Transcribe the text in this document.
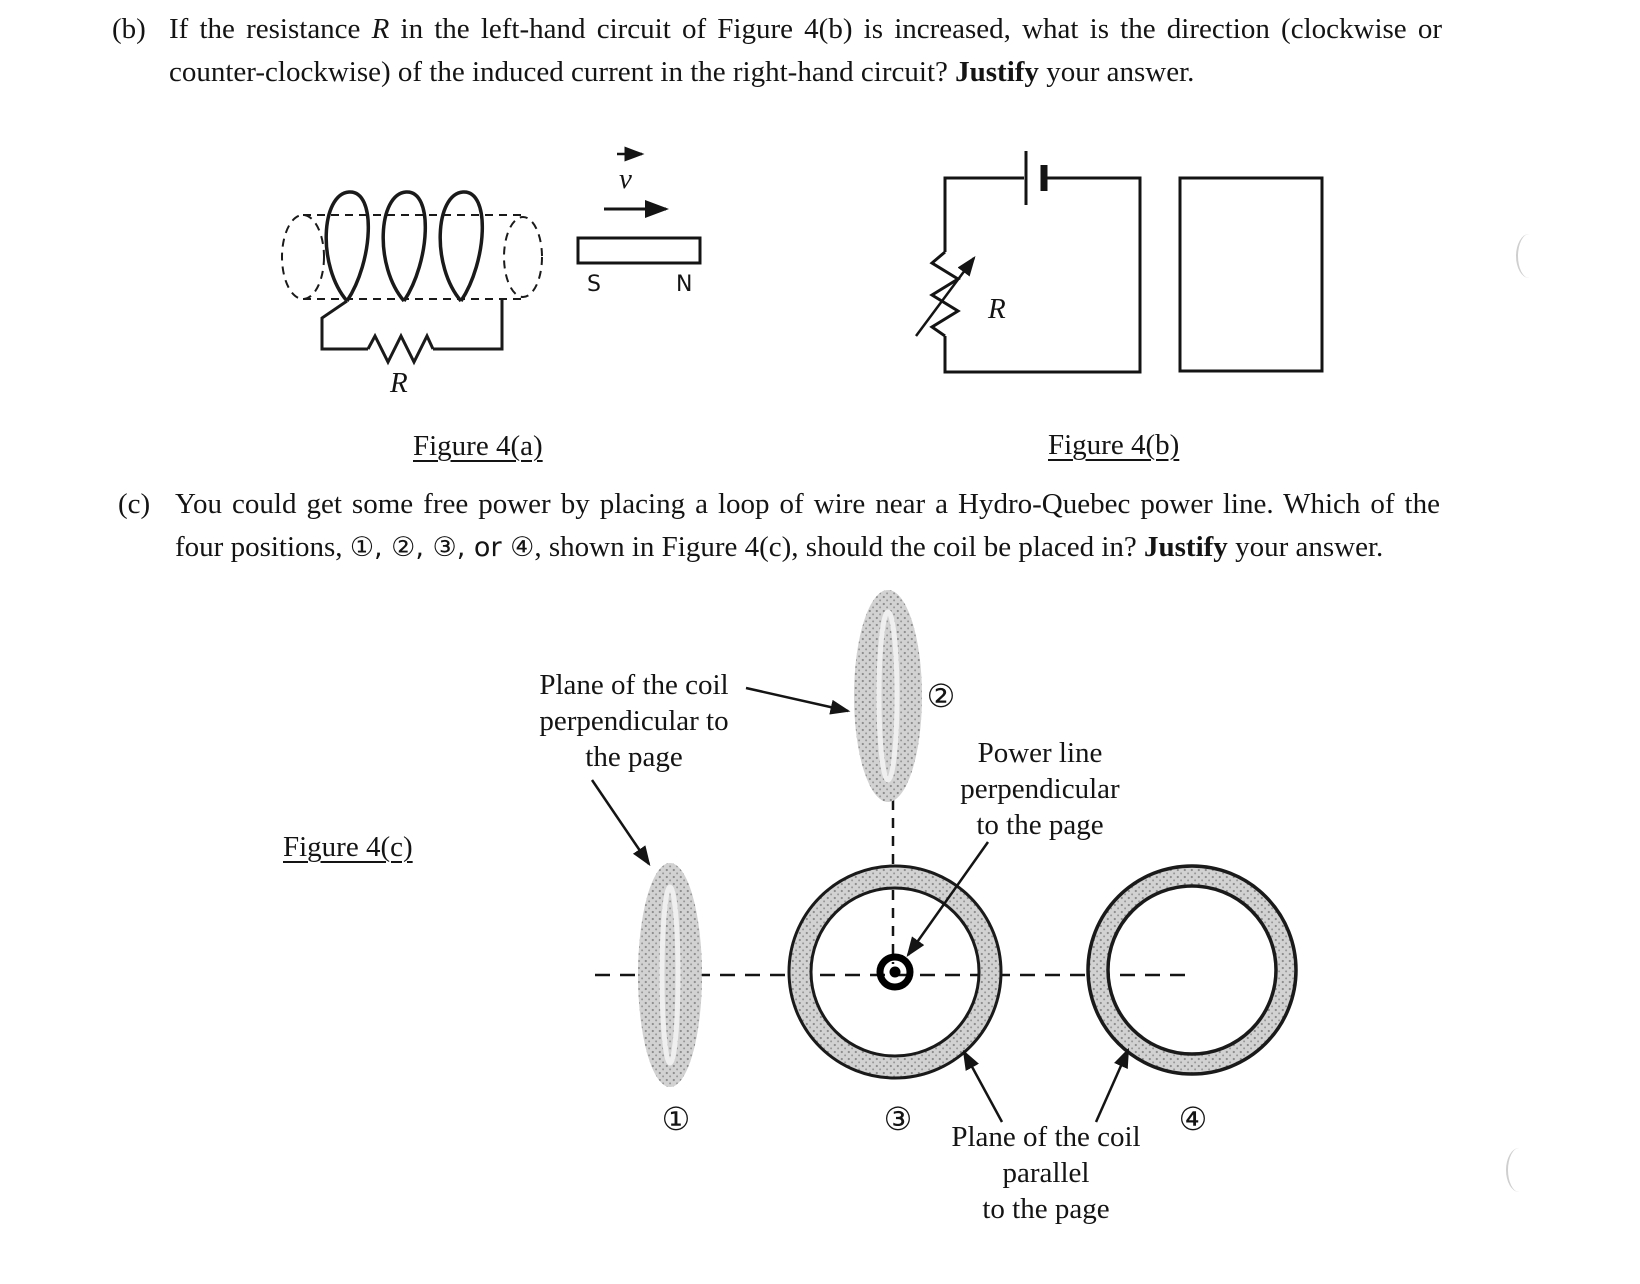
(b) If the resistance R in the left-hand circuit of Figure 4(b) is increased, what is the direction (clockwise or counter-clockwise) of the induced current in the right-hand circuit? Justify your answer.

R
S	N
v
R
Figure 4(a)	Figure 4(b)
Figure 4(c)
(c) You could get some free power by placing a loop of wire near a Hydro-Quebec power line. Which of the four positions, ①, ②, ③, or ④, shown in Figure 4(c), should the coil be placed in? Justify your answer.

Plane of the coil
perpendicular to
the page	Power line
perpendicular
to the page
Plane of the coil
parallel
to the page
②
①	③	④
